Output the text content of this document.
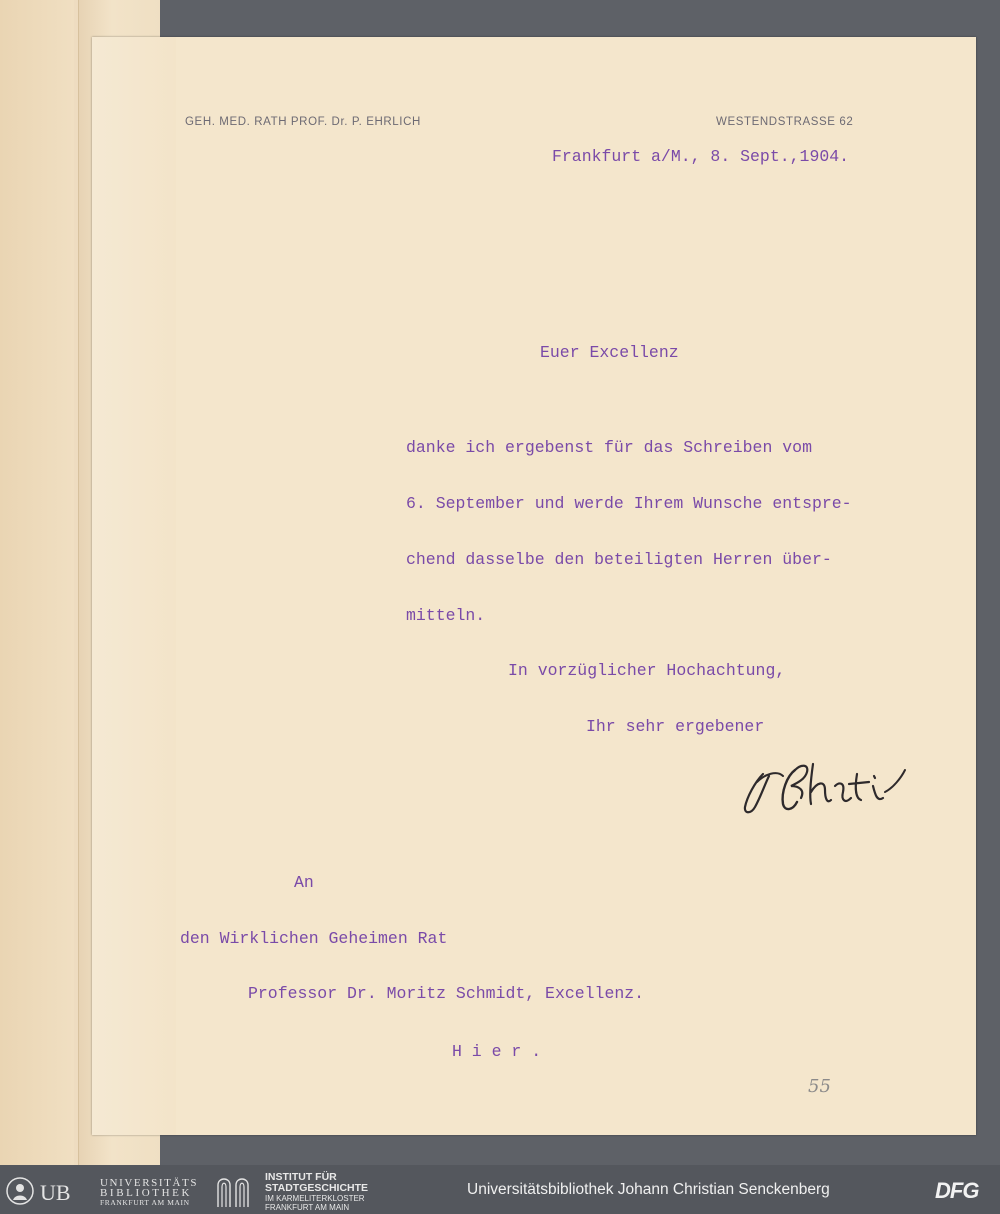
GEH. MED. RATH PROF. Dr. P. EHRLICH	WESTENDSTRASSE 62
Frankfurt a/M., 8. Sept.,1904.
Euer Excellenz
danke ich ergebenst für das Schreiben vom
6. September und werde Ihrem Wunsche entspre-
chend dasselbe den beteiligten Herren über-
mitteln.
In vorzüglicher Hochachtung,
Ihr sehr ergebener
An
den Wirklichen Geheimen Rat
Professor Dr. Moritz Schmidt, Excellenz.
H i e r .
55
UB	UNIVERSITÄTS
BIBLIOTHEK
FRANKFURT AM MAIN
INSTITUT FÜR
STADTGESCHICHTE
IM KARMELITERKLOSTER
FRANKFURT AM MAIN
Universitätsbibliothek Johann Christian Senckenberg	DFG
